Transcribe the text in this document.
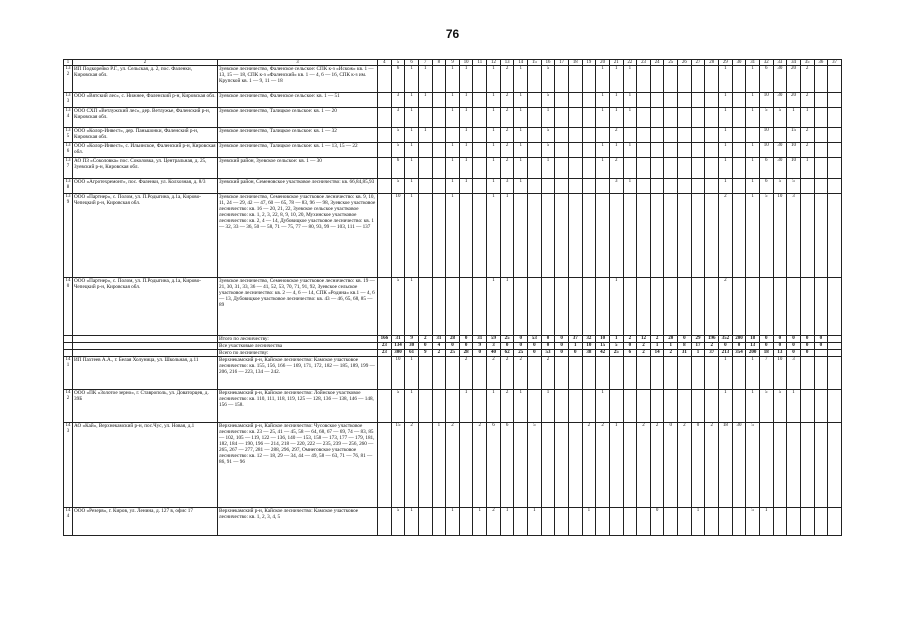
76
1	2	3	4	5	6	7	8	9	10	11	12	13	14	15	16	17	18	19	20	21	22	23	24	25	26	27	28	29	30	31	32	33	34	35	36	37	
132	ИП Подкорейко Р.Г., ул. Сельская, д. 2, пос. Фаленки, Кировская обл.	Зуевское лесничество, Фаленское сельское: СПК к-з «Искож» кв. 1 — 13, 15 — 18, СПК к-з «Фаленский» кв. 1 — 4, 6 — 16, СПК к-з им. Крупской кв. 1 — 9, 11 — 18		6	1	1		1	1		1	2	1		5				1	1	1							1		1	6	30	20	2					
133	ООО «Вятский лес», с. Нижнее, Фаленский р-н, Кировская обл.	Зуевское лесничество, Фаленское сельское: кв. 1 — 51		3	1	1		1	1		1	2	1		5				1	1	1							1		1	10	30	20	2					
134	ООО СХП «Ветлужский лес», дер. Ветлужье, Фаленский р-н, Кировская обл.	Зуевское лесничество, Талицкое сельское: кв. 1 — 20		3	1			1	1		1	2	1		1				1	1	1							1		1	5	5	1	1					
135	ООО «Колор-Инвест», дер. Паньшонки, Фаленский р-н, Кировская обл.	Зуевское лесничество, Талицкое сельское: кв. 1 — 32		5	1	1			1		1	2	1		5					2								1			10		15	2					
136	ООО «Колор-Инвест», с. Ильинское, Фаленский р-н, Кировская обл.	Зуевское лесничество, Талицкое сельское: кв. 1 — 13, 15 — 22		5	1			1	1		1	2	1		5				1	1	1							1		1	10	30	10	2					
137	АО ПЗ «Соколовка» пос. Соколовка, ул. Центральная, д. 25, Зуевский р-н, Кировская обл.	Зуевский район, Зуевское сельское: кв. 1 — 30		6	1			1	1		1	2	1		1				1	2								1		1	6	30	10	1					
138	ООО «Агротехремонт», пос. Фаленки, ул. Колхозная, д. 8/3	Зуевский район, Семеновское участковое лесничество: кв. 66,84,85,93		5	1			1	1		1	3	1							3	1							1		1	6	5	5						
139	ООО «Партнер», с. Полом, ул. П.Родыгина, д.1а, Кирово-Чепецкий р-н, Кировская обл.	Зуевское лесничество, Семеновское участковое лесничество: кв. 9, 10, 11, 24 — 29, 42 — 47, 60 — 65, 78 — 83, 96 — 98, Зуевское участковое лесничество: кв. 16 — 20, 21, 22, Зуевское сельское участковое лесничество: кв. 1, 2, 3, 22, 8, 9, 10, 20, Мухинское участковое лесничество: кв. 2, 4 — 14, Дубовицкое участковое лесничество: кв. 1 — 32, 33 — 36, 50 — 58, 71 — 75, 77 — 80, 93, 99 — 103, 111 — 137		10	1			1			1	1																2		1	5	10	3						
140	ООО «Партнер», с. Полом, ул. П.Родыгина, д.1а, Кирово-Чепецкий р-н, Кировская обл.	Зуевское лесничество, Семеновское участковое лесничество: кв. 19 — 21, 30, 31, 33, 36 — 41, 52, 53, 70, 71, 91, 92, Зуевское сельское участковое лесничество: кв. 2 — 4, 6 — 14, СПК «Родина» кв.1 — 4, 6 — 13, Дубовицкое участковое лесничество: кв. 43 — 46, 65, 68, 85 — 89		5	1						1	1								1								2											
		Итого по лесничеству:	166	31	9	2	31	28	0	31	59	25	0	53	0	0	37	32	10	1	2	12	2	20	0	29	196	352	200	18	0	0	0	0	0		
		Все участковые лесничества	23	134	30	0	4	0	0	9	3	0	0	0	0	0	1	10	15	5	0	2	1	1	8	17	2	0	0	13	0	0	0	0	0		
		Всего по лесничеству:	23	300	61	9	2	25	28	0	40	62	25	0	53	0	0	38	42	25	6	2	14	2	31	1	37	213	354	200	18	13	0	0			
141	ИП Пахтеев А.А., г. Белая Холуница, ул. Школьная, д.11	Верхнекамский р-н, Кайское лесничество: Камское участковое лесничество: кв. 155, 156, 166 — 169, 171, 172, 182 — 185, 189, 199 — 206, 216 — 223, 134 — 242.		10	1				2		2	2	2		2													1		1	7	10	3						
142	ООО «ПК «Золотое зерно», г. Ставрополь, ул. Доваторцев, д. 39Б	Верхнекамский р-н, Кайское лесничество: Лойнское участковое лесничество: кв. 110, 111, 118, 119, 125 — 128, 136 — 138, 146 — 148, 156 — 158.		5	1				1		1	2	1		1				1									1		1	5	5	1						
143	АО «Кай», Верхнекамский р-н, пос.Чус, ул. Новая, д.1	Верхнекамский р-н, Кайское лесничество: Чусовское участковое лесничество: кв. 23 — 25, 41 — 45, 58 — 64, 68, 67 — 69, 74 — 83, 85 — 102, 105 — 119, 122 — 136, 140 — 153, 158 — 173, 177 — 179, 181, 182, 184 — 190, 196 — 214, 218 — 220, 222 — 235, 239 — 256, 260 — 265, 267 — 277, 281 — 288, 296, 297, Омнеговское участковое лесничество: кв. 12 — 18, 29 — 34, 44 — 49, 58 — 63, 71 — 76, 81 — 86, 91 — 96		15	2		1	2		2	6	6		5				2	2	1		2	2	0	2	0	2	18	30	5									
144	ООО «Резерв», г. Киров, ул. Ленина, д. 127 в, офис 17	Верхнекамский р-н, Кайское лесничество: Камское участковое лесничество: кв. 1, 2, 3, 4, 5		5	1			1		1	2	1		1				1					0			1				5	1								
